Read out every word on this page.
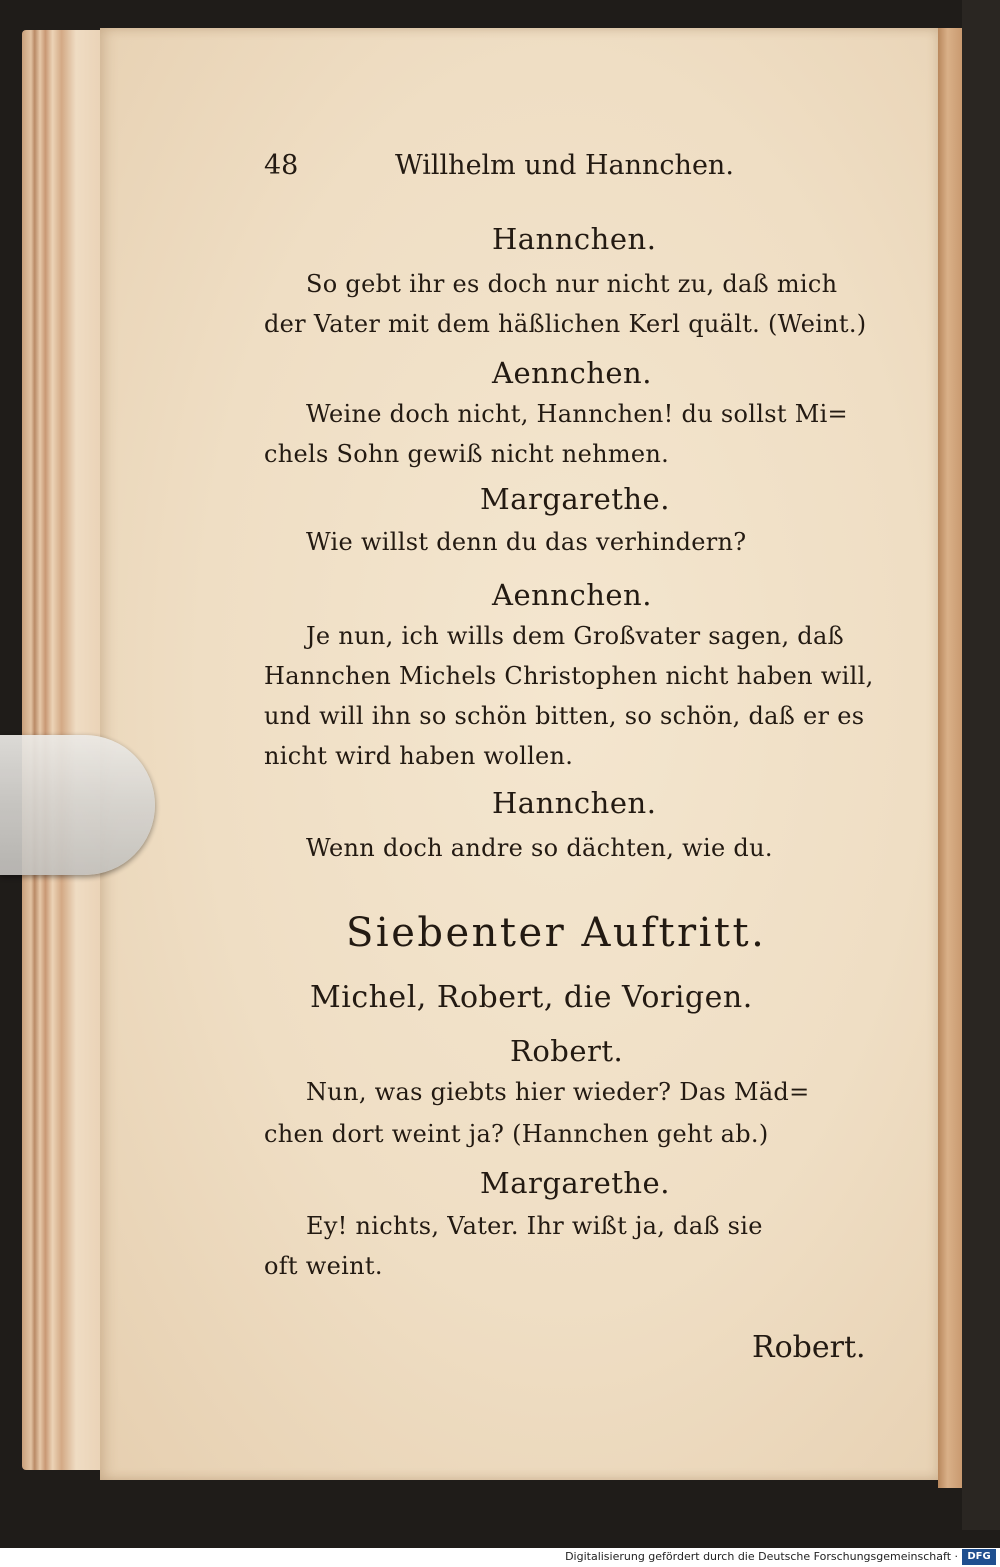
48	Willhelm und Hannchen.
Hannchen.
So gebt ihr es doch nur nicht zu, daß mich
der Vater mit dem häßlichen Kerl quält. (Weint.)
Aennchen.
Weine doch nicht, Hannchen! du sollst Mi=
chels Sohn gewiß nicht nehmen.
Margarethe.
Wie willst denn du das verhindern?
Aennchen.
Je nun, ich wills dem Großvater sagen, daß
Hannchen Michels Christophen nicht haben will,
und will ihn so schön bitten, so schön, daß er es
nicht wird haben wollen.
Hannchen.
Wenn doch andre so dächten, wie du.
Siebenter Auftritt.
Michel, Robert, die Vorigen.
Robert.
Nun, was giebts hier wieder? Das Mäd=
chen dort weint ja? (Hannchen geht ab.)
Margarethe.
Ey! nichts, Vater. Ihr wißt ja, daß sie
oft weint.
Robert.
Digitalisierung gefördert durch die Deutsche Forschungsgemeinschaft · DFG
